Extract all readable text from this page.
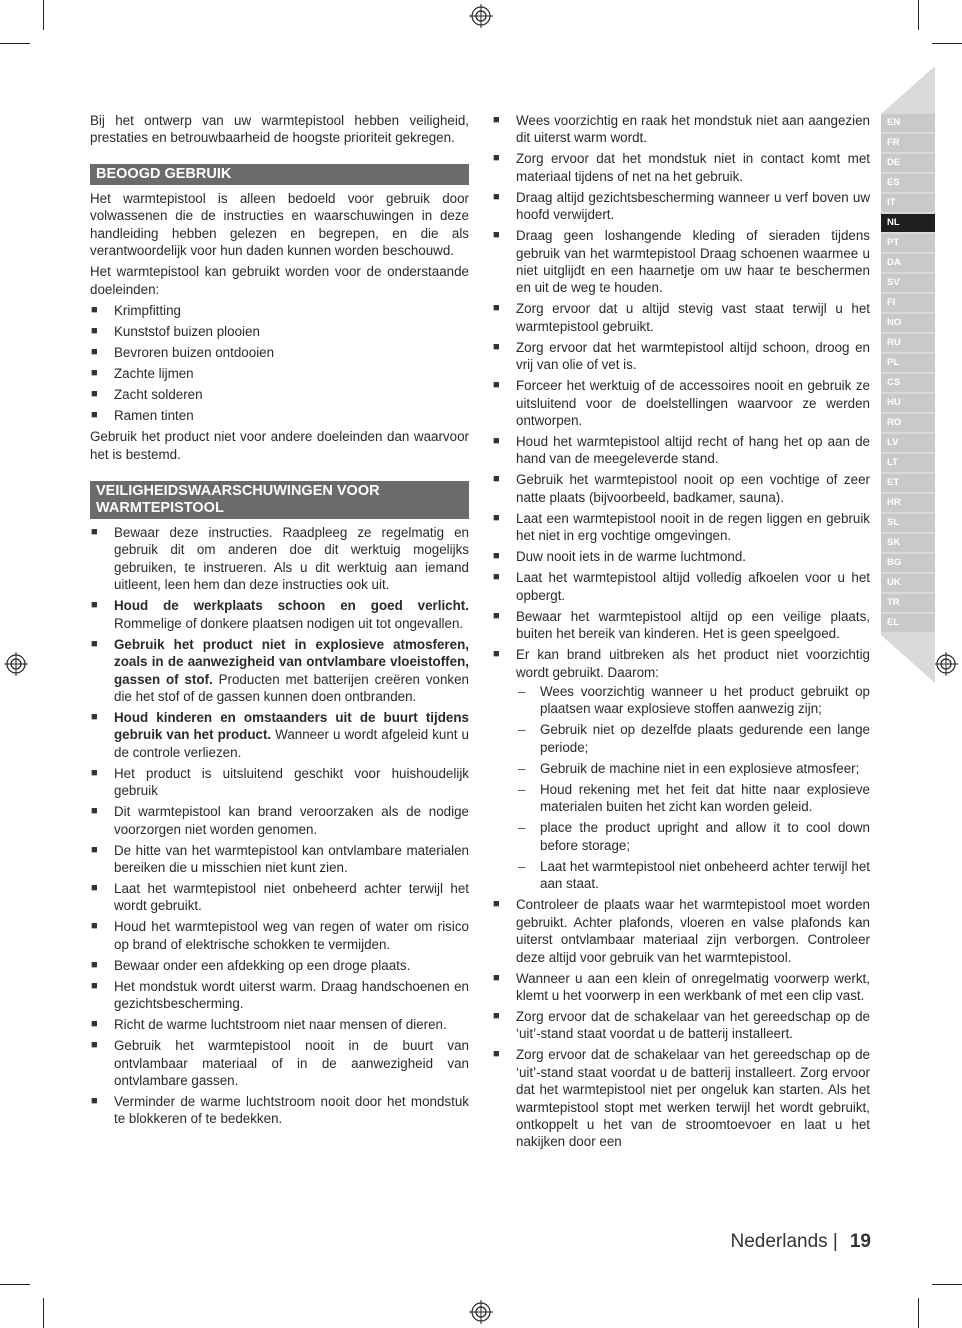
EN
FR
DE
ES
IT
NL
PT
DA
SV
FI
NO
RU
PL
CS
HU
RO
LV
LT
ET
HR
SL
SK
BG
UK
TR
EL

Bij het ontwerp van uw warmtepistool hebben veiligheid, prestaties en betrouwbaarheid de hoogste prioriteit gekregen.

BEOOGD GEBRUIK

Het warmtepistool is alleen bedoeld voor gebruik door volwassenen die de instructies en waarschuwingen in deze handleiding hebben gelezen en begrepen, en die als verantwoordelijk voor hun daden kunnen worden beschouwd.

Het warmtepistool kan gebruikt worden voor de onderstaande doeleinden:

■ Krimpfitting
■ Kunststof buizen plooien
■ Bevroren buizen ontdooien
■ Zachte lijmen
■ Zacht solderen
■ Ramen tinten

Gebruik het product niet voor andere doeleinden dan waarvoor het is bestemd.

VEILIGHEIDSWAARSCHUWINGEN VOOR WARMTEPISTOOL
■ Bewaar deze instructies. Raadpleeg ze regelmatig en gebruik dit om anderen doe dit werktuig mogelijks gebruiken, te instrueren. Als u dit werktuig aan iemand uitleent, leen hem dan deze instructies ook uit.
■ Houd de werkplaats schoon en goed verlicht. Rommelige of donkere plaatsen nodigen uit tot ongevallen.
■ Gebruik het product niet in explosieve atmosferen, zoals in de aanwezigheid van ontvlambare vloeistoffen, gassen of stof. Producten met batterijen creëren vonken die het stof of de gassen kunnen doen ontbranden.
■ Houd kinderen en omstaanders uit de buurt tijdens gebruik van het product. Wanneer u wordt afgeleid kunt u de controle verliezen.
■ Het product is uitsluitend geschikt voor huishoudelijk gebruik
■ Dit warmtepistool kan brand veroorzaken als de nodige voorzorgen niet worden genomen.
■ De hitte van het warmtepistool kan ontvlambare materialen bereiken die u misschien niet kunt zien.
■ Laat het warmtepistool niet onbeheerd achter terwijl het wordt gebruikt.
■ Houd het warmtepistool weg van regen of water om risico op brand of elektrische schokken te vermijden.
■ Bewaar onder een afdekking op een droge plaats.
■ Het mondstuk wordt uiterst warm. Draag handschoenen en gezichtsbescherming.
■ Richt de warme luchtstroom niet naar mensen of dieren.
■ Gebruik het warmtepistool nooit in de buurt van ontvlambaar materiaal of in de aanwezigheid van ontvlambare gassen.
■ Verminder de warme luchtstroom nooit door het mondstuk te blokkeren of te bedekken.
■ Wees voorzichtig en raak het mondstuk niet aan aangezien dit uiterst warm wordt.
■ Zorg ervoor dat het mondstuk niet in contact komt met materiaal tijdens of net na het gebruik.
■ Draag altijd gezichtsbescherming wanneer u verf boven uw hoofd verwijdert.
■ Draag geen loshangende kleding of sieraden tijdens gebruik van het warmtepistool Draag schoenen waarmee u niet uitglijdt en een haarnetje om uw haar te beschermen en uit de weg te houden.
■ Zorg ervoor dat u altijd stevig vast staat terwijl u het warmtepistool gebruikt.
■ Zorg ervoor dat het warmtepistool altijd schoon, droog en vrij van olie of vet is.
■ Forceer het werktuig of de accessoires nooit en gebruik ze uitsluitend voor de doelstellingen waarvoor ze werden ontworpen.
■ Houd het warmtepistool altijd recht of hang het op aan de hand van de meegeleverde stand.
■ Gebruik het warmtepistool nooit op een vochtige of zeer natte plaats (bijvoorbeeld, badkamer, sauna).
■ Laat een warmtepistool nooit in de regen liggen en gebruik het niet in erg vochtige omgevingen.
■ Duw nooit iets in de warme luchtmond.
■ Laat het warmtepistool altijd volledig afkoelen voor u het opbergt.
■ Bewaar het warmtepistool altijd op een veilige plaats, buiten het bereik van kinderen. Het is geen speelgoed.
■ Er kan brand uitbreken als het product niet voorzichtig wordt gebruikt. Daarom:
– Wees voorzichtig wanneer u het product gebruikt op plaatsen waar explosieve stoffen aanwezig zijn;
– Gebruik niet op dezelfde plaats gedurende een lange periode;
– Gebruik de machine niet in een explosieve atmosfeer;
– Houd rekening met het feit dat hitte naar explosieve materialen buiten het zicht kan worden geleid.
– place the product upright and allow it to cool down before storage;
– Laat het warmtepistool niet onbeheerd achter terwijl het aan staat.
■ Controleer de plaats waar het warmtepistool moet worden gebruikt. Achter plafonds, vloeren en valse plafonds kan uiterst ontvlambaar materiaal zijn verborgen. Controleer deze altijd voor gebruik van het warmtepistool.
■ Wanneer u aan een klein of onregelmatig voorwerp werkt, klemt u het voorwerp in een werkbank of met een clip vast.
■ Zorg ervoor dat de schakelaar van het gereedschap op de ‘uit’-stand staat voordat u de batterij installeert.
■ Zorg ervoor dat de schakelaar van het gereedschap op de ‘uit’-stand staat voordat u de batterij installeert. Zorg ervoor dat het warmtepistool niet per ongeluk kan starten. Als het warmtepistool stopt met werken terwijl het wordt gebruikt, ontkoppelt u het van de stroomtoevoer en laat u het nakijken door een
Nederlands | 19
